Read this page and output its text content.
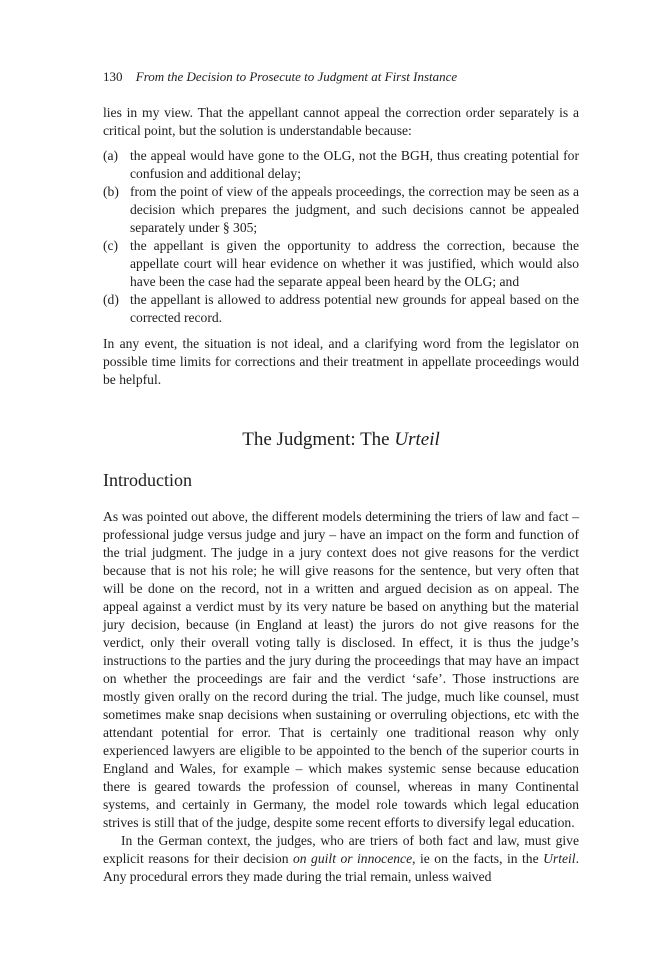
130 From the Decision to Prosecute to Judgment at First Instance

lies in my view. That the appellant cannot appeal the correction order separately is a critical point, but the solution is understandable because:

(a) the appeal would have gone to the OLG, not the BGH, thus creating potential for confusion and additional delay;
(b) from the point of view of the appeals proceedings, the correction may be seen as a decision which prepares the judgment, and such decisions cannot be appealed separately under § 305;
(c) the appellant is given the opportunity to address the correction, because the appellate court will hear evidence on whether it was justified, which would also have been the case had the separate appeal been heard by the OLG; and
(d) the appellant is allowed to address potential new grounds for appeal based on the corrected record.

In any event, the situation is not ideal, and a clarifying word from the legislator on possible time limits for corrections and their treatment in appellate proceedings would be helpful.

The Judgment: The Urteil
Introduction

As was pointed out above, the different models determining the triers of law and fact – professional judge versus judge and jury – have an impact on the form and function of the trial judgment. The judge in a jury context does not give reasons for the verdict because that is not his role; he will give reasons for the sentence, but very often that will be done on the record, not in a written and argued decision as on appeal. The appeal against a verdict must by its very nature be based on anything but the material jury decision, because (in England at least) the jurors do not give reasons for the verdict, only their overall voting tally is disclosed. In effect, it is thus the judge’s instructions to the parties and the jury during the proceedings that may have an impact on whether the proceedings are fair and the verdict ‘safe’. Those instructions are mostly given orally on the record during the trial. The judge, much like counsel, must sometimes make snap decisions when sustaining or overruling objections, etc with the attendant potential for error. That is certainly one traditional reason why only experienced lawyers are eligible to be appointed to the bench of the superior courts in England and Wales, for example – which makes systemic sense because education there is geared towards the profession of counsel, whereas in many Continental systems, and certainly in Germany, the model role towards which legal education strives is still that of the judge, despite some recent efforts to diversify legal education.

In the German context, the judges, who are triers of both fact and law, must give explicit reasons for their decision on guilt or innocence, ie on the facts, in the Urteil. Any procedural errors they made during the trial remain, unless waived
